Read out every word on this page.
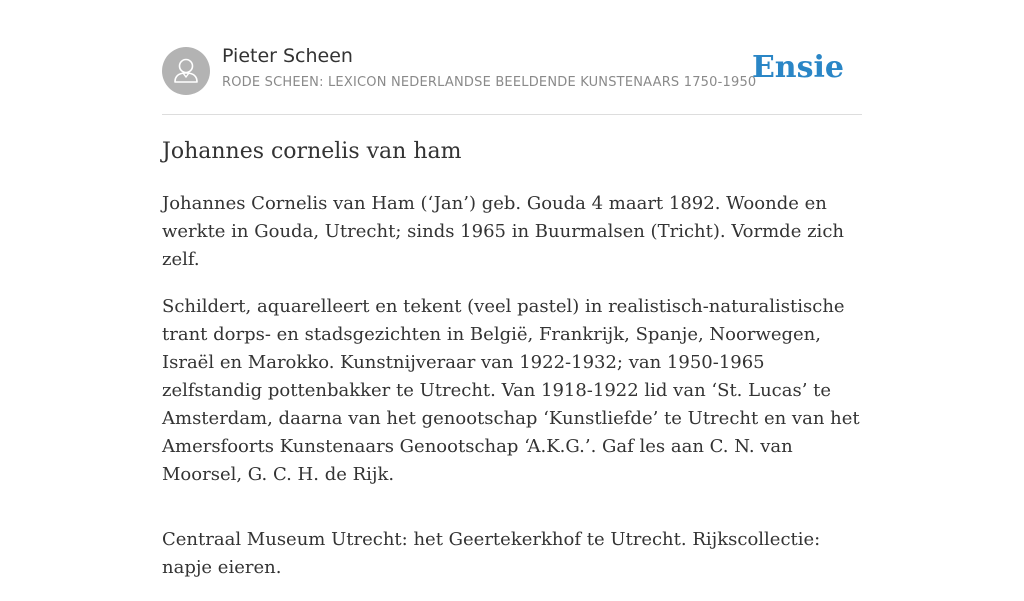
Pieter Scheen
RODE SCHEEN: LEXICON NEDERLANDSE BEELDENDE KUNSTENAARS 1750-1950
Ensie
Johannes cornelis van ham

Johannes Cornelis van Ham (‘Jan’) geb. Gouda 4 maart 1892. Woonde en werkte in Gouda, Utrecht; sinds 1965 in Buurmalsen (Tricht). Vormde zich zelf.

Schildert, aquarelleert en tekent (veel pastel) in realistisch-naturalistische trant dorps- en stadsgezichten in België, Frankrijk, Spanje, Noorwegen, Israël en Marokko. Kunstnijveraar van 1922-1932; van 1950-1965 zelfstandig pottenbakker te Utrecht. Van 1918-1922 lid van ‘St. Lucas’ te Amsterdam, daarna van het genootschap ‘Kunstliefde’ te Utrecht en van het Amersfoorts Kunstenaars Genootschap ‘A.K.G.’. Gaf les aan C. N. van Moorsel, G. C. H. de Rijk.

Centraal Museum Utrecht: het Geertekerkhof te Utrecht. Rijkscollectie: napje eieren.
